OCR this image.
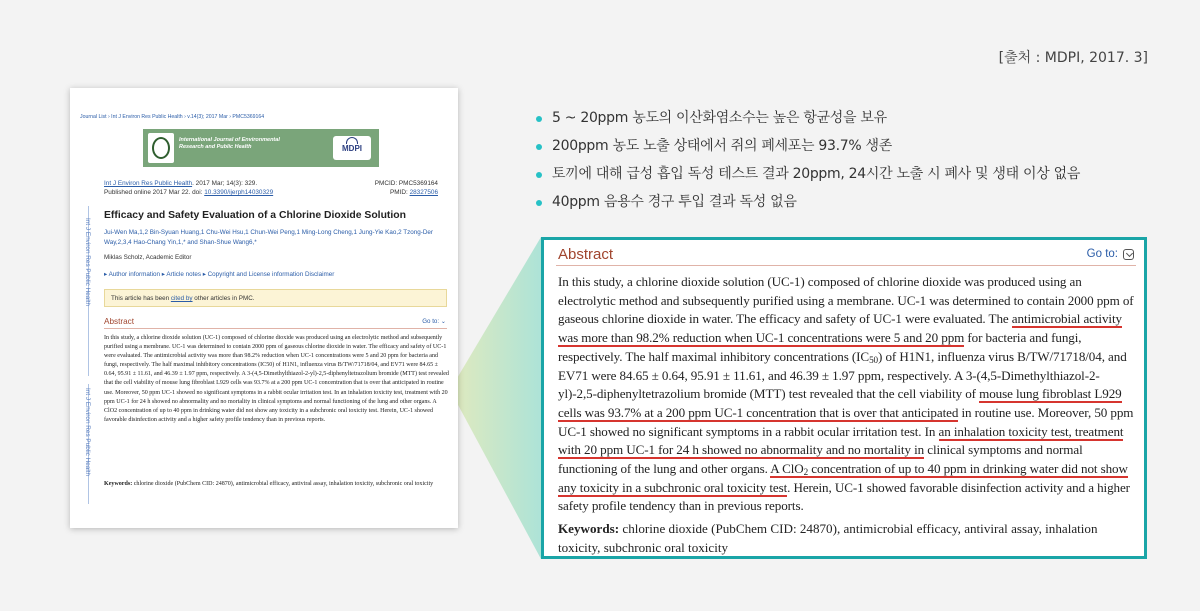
[출처 : MDPI, 2017. 3]
Journal List › Int J Environ Res Public Health › v.14(3); 2017 Mar › PMC5369164
International Journal of Environmental Research and Public Health	MDPI
Int J Environ Res Public Health. 2017 Mar; 14(3): 329.
Published online 2017 Mar 22. doi: 10.3390/ijerph14030329
PMCID: PMC5369164
PMID: 28327506
Int J Environ Res Public Health
Int J Environ Res Public Health
Efficacy and Safety Evaluation of a Chlorine Dioxide Solution
Jui-Wen Ma,1,2 Bin-Syuan Huang,1 Chu-Wei Hsu,1 Chun-Wei Peng,1 Ming-Long Cheng,1 Jung-Yie Kao,2 Tzong-Der Way,2,3,4 Hao-Chang Yin,1,* and Shan-Shue Wang6,*
Miklas Scholz, Academic Editor
▸ Author information ▸ Article notes ▸ Copyright and License information Disclaimer
This article has been cited by other articles in PMC.
Abstract	Go to: ⌄
In this study, a chlorine dioxide solution (UC-1) composed of chlorine dioxide was produced using an electrolytic method and subsequently purified using a membrane. UC-1 was determined to contain 2000 ppm of gaseous chlorine dioxide in water. The efficacy and safety of UC-1 were evaluated. The antimicrobial activity was more than 98.2% reduction when UC-1 concentrations were 5 and 20 ppm for bacteria and fungi, respectively. The half maximal inhibitory concentrations (IC50) of H1N1, influenza virus B/TW/71718/04, and EV71 were 84.65 ± 0.64, 95.91 ± 11.61, and 46.39 ± 1.97 ppm, respectively. A 3-(4,5-Dimethylthiazol-2-yl)-2,5-diphenyltetrazolium bromide (MTT) test revealed that the cell viability of mouse lung fibroblast L929 cells was 93.7% at a 200 ppm UC-1 concentration that is over that anticipated in routine use. Moreover, 50 ppm UC-1 showed no significant symptoms in a rabbit ocular irritation test. In an inhalation toxicity test, treatment with 20 ppm UC-1 for 24 h showed no abnormality and no mortality in clinical symptoms and normal functioning of the lung and other organs. A ClO2 concentration of up to 40 ppm in drinking water did not show any toxicity in a subchronic oral toxicity test. Herein, UC-1 showed favorable disinfection activity and a higher safety profile tendency than in previous reports.
Keywords: chlorine dioxide (PubChem CID: 24870), antimicrobial efficacy, antiviral assay, inhalation toxicity, subchronic oral toxicity
5 ~ 20ppm 농도의 이산화염소수는 높은 항균성을 보유
200ppm 농도 노출 상태에서 쥐의 폐세포는 93.7% 생존
토끼에 대해 급성 흡입 독성 테스트 결과 20ppm, 24시간 노출 시 폐사 및 생태 이상 없음
40ppm 음용수 경구 투입 결과 독성 없음
Abstract	Go to:
In this study, a chlorine dioxide solution (UC-1) composed of chlorine dioxide was produced using an electrolytic method and subsequently purified using a membrane. UC-1 was determined to contain 2000 ppm of gaseous chlorine dioxide in water. The efficacy and safety of UC-1 were evaluated. The antimicrobial activity was more than 98.2% reduction when UC-1 concentrations were 5 and 20 ppm for bacteria and fungi, respectively. The half maximal inhibitory concentrations $(IC_{50})$ of H1N1, influenza virus B/TW/71718/04, and EV71 were 84.65 ± 0.64, 95.91 ± 11.61, and 46.39 ± 1.97 ppm, respectively. A 3-(4,5-Dimethylthiazol-2-yl)-2,5-diphenyltetrazolium bromide (MTT) test revealed that the cell viability of mouse lung fibroblast L929 cells was 93.7% at a 200 ppm UC-1 concentration that is over that anticipated in routine use. Moreover, 50 ppm UC-1 showed no significant symptoms in a rabbit ocular irritation test. In an inhalation toxicity test, treatment with 20 ppm UC-1 for 24 h showed no abnormality and no mortality in clinical symptoms and normal functioning of the lung and other organs. A ClO$_2$ concentration of up to 40 ppm in drinking water did not show any toxicity in a subchronic oral toxicity test. Herein, UC-1 showed favorable disinfection activity and a higher safety profile tendency than in previous reports.
Keywords: chlorine dioxide (PubChem CID: 24870), antimicrobial efficacy, antiviral assay, inhalation toxicity, subchronic oral toxicity
